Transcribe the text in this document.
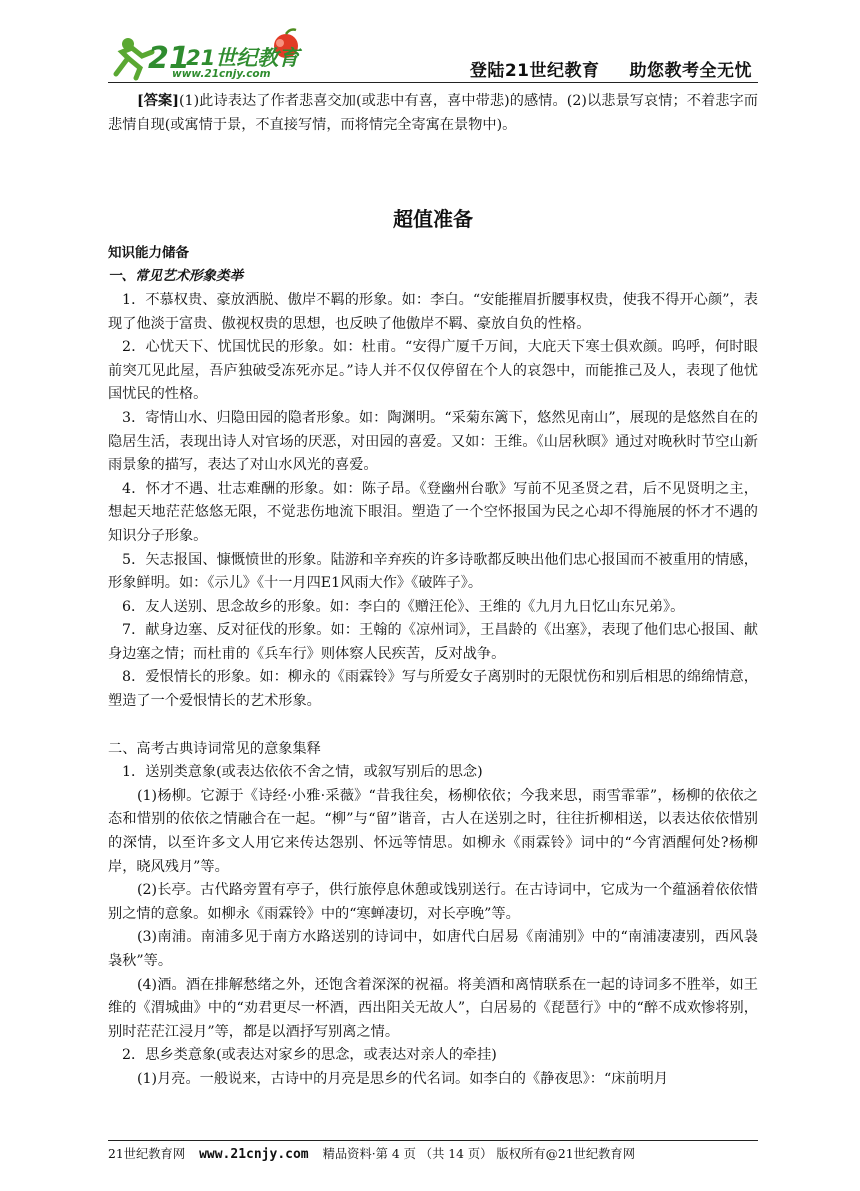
21
21世纪教育
www.21cnjy.com	登陆21世纪教育 助您教考全无忧

[答案](1)此诗表达了作者悲喜交加(或悲中有喜，喜中带悲)的感情。(2)以悲景写哀情；不着悲字而悲情自现(或寓情于景，不直接写情，而将情完全寄寓在景物中)。

超值准备

知识能力储备

一、常见艺术形象类举

1．不慕权贵、豪放洒脱、傲岸不羁的形象。如：李白。“安能摧眉折腰事权贵，使我不得开心颜”，表现了他淡于富贵、傲视权贵的思想，也反映了他傲岸不羁、豪放自负的性格。

2．心忧天下、忧国忧民的形象。如：杜甫。“安得广厦千万间，大庇天下寒士俱欢颜。呜呼，何时眼前突兀见此屋，吾庐独破受冻死亦足。”诗人并不仅仅停留在个人的哀怨中，而能推己及人，表现了他忧国忧民的性格。

3．寄情山水、归隐田园的隐者形象。如：陶渊明。“采菊东篱下，悠然见南山”，展现的是悠然自在的隐居生活，表现出诗人对官场的厌恶，对田园的喜爱。又如：王维。《山居秋暝》通过对晚秋时节空山新雨景象的描写，表达了对山水风光的喜爱。

4．怀才不遇、壮志难酬的形象。如：陈子昂。《登幽州台歌》写前不见圣贤之君，后不见贤明之主，想起天地茫茫悠悠无限，不觉悲伤地流下眼泪。塑造了一个空怀报国为民之心却不得施展的怀才不遇的知识分子形象。

5．矢志报国、慷慨愤世的形象。陆游和辛弃疾的许多诗歌都反映出他们忠心报国而不被重用的情感，形象鲜明。如：《示儿》《十一月四E1风雨大作》《破阵子》。

6．友人送别、思念故乡的形象。如：李白的《赠汪伦》、王维的《九月九日忆山东兄弟》。

7．献身边塞、反对征伐的形象。如：王翰的《凉州词》，王昌龄的《出塞》，表现了他们忠心报国、献身边塞之情；而杜甫的《兵车行》则体察人民疾苦，反对战争。

8．爱恨情长的形象。如：柳永的《雨霖铃》写与所爱女子离别时的无限忧伤和别后相思的绵绵情意，塑造了一个爱恨情长的艺术形象。

二、高考古典诗词常见的意象集释

1．送别类意象(或表达依依不舍之情，或叙写别后的思念)

(1)杨柳。它源于《诗经·小雅·采薇》“昔我往矣，杨柳依依；今我来思，雨雪霏霏”，杨柳的依依之态和惜别的依依之情融合在一起。“柳”与“留”谐音，古人在送别之时，往往折柳相送，以表达依依惜别的深情，以至许多文人用它来传达怨别、怀远等情思。如柳永《雨霖铃》词中的“今宵酒醒何处?杨柳岸，晓风残月”等。

(2)长亭。古代路旁置有亭子，供行旅停息休憩或饯别送行。在古诗词中，它成为一个蕴涵着依依惜别之情的意象。如柳永《雨霖铃》中的“寒蝉凄切，对长亭晚”等。

(3)南浦。南浦多见于南方水路送别的诗词中，如唐代白居易《南浦别》中的“南浦凄凄别，西风袅袅秋”等。

(4)酒。酒在排解愁绪之外，还饱含着深深的祝福。将美酒和离情联系在一起的诗词多不胜举，如王维的《渭城曲》中的“劝君更尽一杯酒，西出阳关无故人”，白居易的《琵琶行》中的“醉不成欢惨将别，别时茫茫江浸月”等，都是以酒抒写别离之情。

2．思乡类意象(或表达对家乡的思念，或表达对亲人的牵挂)

(1)月亮。一般说来，古诗中的月亮是思乡的代名词。如李白的《静夜思》：“床前明月

21世纪教育网 www.21cnjy.com 精品资料·第 4 页 （共 14 页） 版权所有@21世纪教育网
